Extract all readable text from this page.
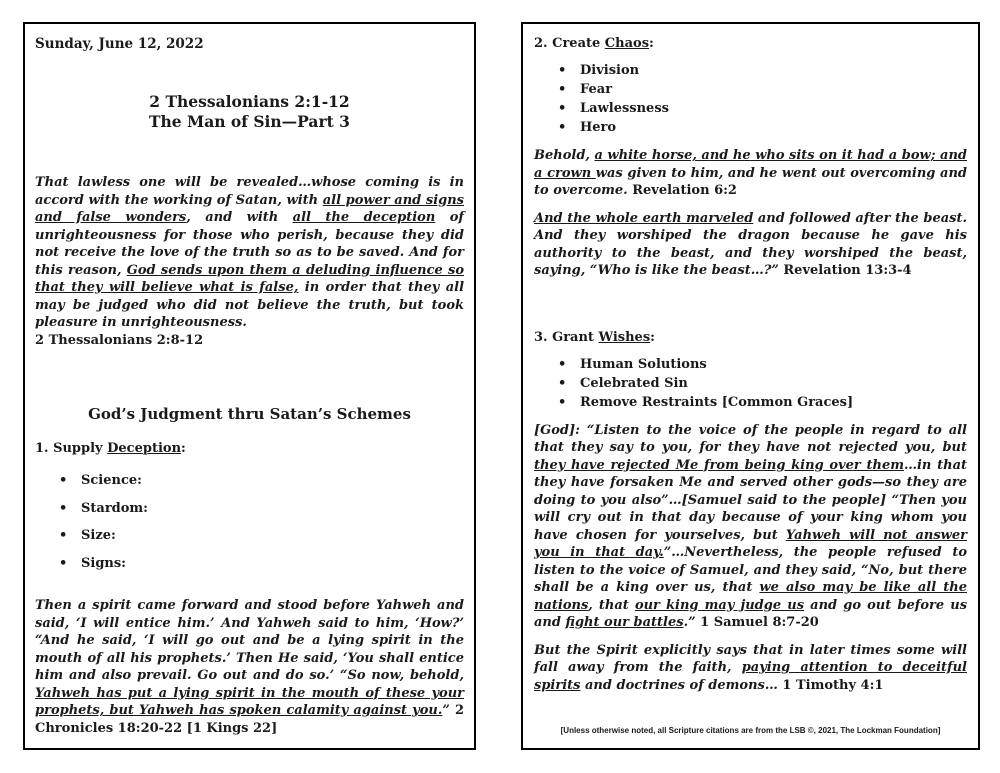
Sunday, June 12, 2022
2 Thessalonians 2:1-12
The Man of Sin—Part 3

That lawless one will be revealed…whose coming is in accord with the working of Satan, with all power and signs and false wonders, and with all the deception of unrighteousness for those who perish, because they did not receive the love of the truth so as to be saved. And for this reason, God sends upon them a deluding influence so that they will believe what is false, in order that they all may be judged who did not believe the truth, but took pleasure in unrighteousness.

2 Thessalonians 2:8-12
God’s Judgment thru Satan’s Schemes
1. Supply Deception:
• Science:
• Stardom:
• Size:
• Signs:

Then a spirit came forward and stood before Yahweh and said, ‘I will entice him.’ And Yahweh said to him, ‘How?’ “And he said, ‘I will go out and be a lying spirit in the mouth of all his prophets.’ Then He said, ‘You shall entice him and also prevail. Go out and do so.’ “So now, behold, Yahweh has put a lying spirit in the mouth of these your prophets, but Yahweh has spoken calamity against you.” 2 Chronicles 18:20-22 [1 Kings 22]

2. Create Chaos:
• Division
• Fear
• Lawlessness
• Hero

Behold, a white horse, and he who sits on it had a bow; and a crown was given to him, and he went out overcoming and to overcome. Revelation 6:2

And the whole earth marveled and followed after the beast. And they worshiped the dragon because he gave his authority to the beast, and they worshiped the beast, saying, “Who is like the beast…?” Revelation 13:3-4

3. Grant Wishes:
• Human Solutions
• Celebrated Sin
• Remove Restraints [Common Graces]

[God]: “Listen to the voice of the people in regard to all that they say to you, for they have not rejected you, but they have rejected Me from being king over them…in that they have forsaken Me and served other gods—so they are doing to you also”…[Samuel said to the people] “Then you will cry out in that day because of your king whom you have chosen for yourselves, but Yahweh will not answer you in that day.”…Nevertheless, the people refused to listen to the voice of Samuel, and they said, “No, but there shall be a king over us, that we also may be like all the nations, that our king may judge us and go out before us and fight our battles.” 1 Samuel 8:7-20

But the Spirit explicitly says that in later times some will fall away from the faith, paying attention to deceitful spirits and doctrines of demons… 1 Timothy 4:1

[Unless otherwise noted, all Scripture citations are from the LSB ©, 2021, The Lockman Foundation]
